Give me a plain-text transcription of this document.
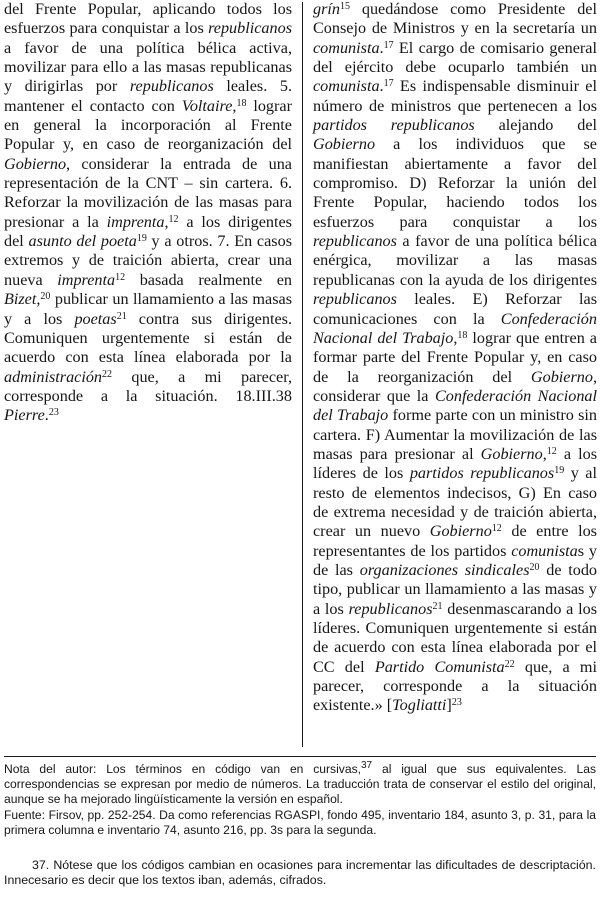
del Frente Popular, aplicando todos los esfuerzos para conquistar a los republicanos a favor de una política bélica activa, movilizar para ello a las masas republicanas y dirigirlas por republicanos leales. 5. mantener el contacto con Voltaire,$^{18}$ lograr en general la incorporación al Frente Popular y, en caso de reorganización del Gobierno, considerar la entrada de una representación de la CNT – sin cartera. 6. Reforzar la movilización de las masas para presionar a la imprenta,$^{12}$ a los dirigentes del asunto del poeta$^{19}$ y a otros. 7. En casos extremos y de traición abierta, crear una nueva imprenta$^{12}$ basada realmente en Bizet,$^{20}$ publicar un llamamiento a las masas y a los poetas$^{21}$ contra sus dirigentes. Comuniquen urgentemente si están de acuerdo con esta línea elaborada por la administración$^{22}$ que, a mi parecer, corresponde a la situación. 18.III.38 Pierre.$^{23}$

grín$^{15}$ quedándose como Presidente del Consejo de Ministros y en la secretaría un comunista.$^{17}$ El cargo de comisario general del ejército debe ocuparlo también un comunista.$^{17}$ Es indispensable disminuir el número de ministros que pertenecen a los partidos republicanos alejando del Gobierno a los individuos que se manifiestan abiertamente a favor del compromiso. D) Reforzar la unión del Frente Popular, haciendo todos los esfuerzos para conquistar a los republicanos a favor de una política bélica enérgica, movilizar a las masas republicanas con la ayuda de los dirigentes republicanos leales. E) Reforzar las comunicaciones con la Confederación Nacional del Trabajo,$^{18}$ lograr que entren a formar parte del Frente Popular y, en caso de la reorganización del Gobierno, considerar que la Confederación Nacional del Trabajo forme parte con un ministro sin cartera. F) Aumentar la movilización de las masas para presionar al Gobierno,$^{12}$ a los líderes de los partidos republicanos$^{19}$ y al resto de elementos indecisos, G) En caso de extrema necesidad y de traición abierta, crear un nuevo Gobierno$^{12}$ de entre los representantes de los partidos comunistas y de las organizaciones sindicales$^{20}$ de todo tipo, publicar un llamamiento a las masas y a los republicanos$^{21}$ desenmascarando a los líderes. Comuniquen urgentemente si están de acuerdo con esta línea elaborada por el CC del Partido Comunista$^{22}$ que, a mi parecer, corresponde a la situación existente.» [Togliatti]$^{23}$

Nota del autor: Los términos en código van en cursivas,$^{37}$ al igual que sus equivalentes. Las correspondencias se expresan por medio de números. La traducción trata de conservar el estilo del original, aunque se ha mejorado lingüísticamente la versión en español.

Fuente: Firsov, pp. 252-254. Da como referencias RGASPI, fondo 495, inventario 184, asunto 3, p. 31, para la primera columna e inventario 74, asunto 216, pp. 3s para la segunda.

37. Nótese que los códigos cambian en ocasiones para incrementar las dificultades de descriptación. Innecesario es decir que los textos iban, además, cifrados.
